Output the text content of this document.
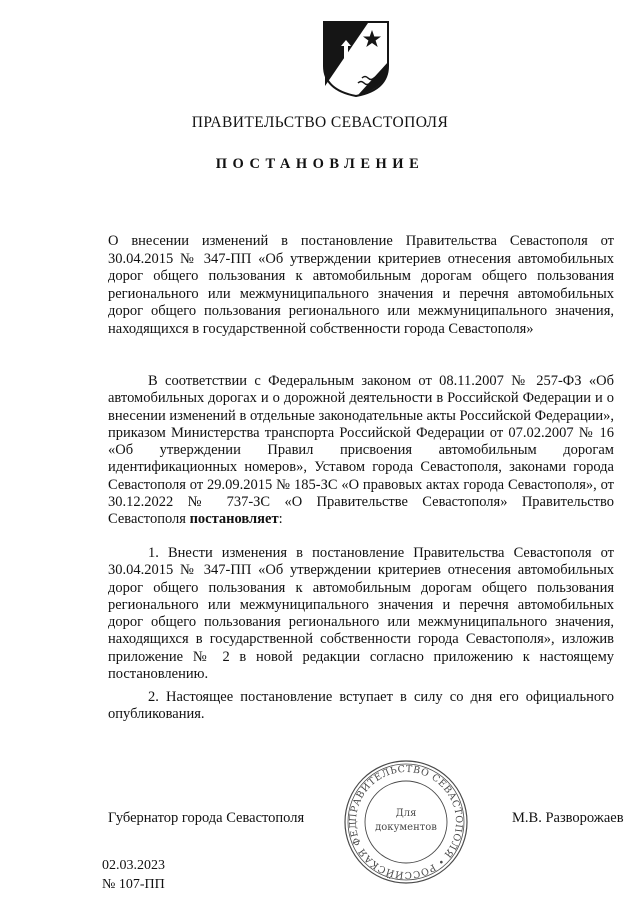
ПРАВИТЕЛЬСТВО СЕВАСТОПОЛЯ
ПОСТАНОВЛЕНИЕ
О внесении изменений в постановление Правительства Севастополя от 30.04.2015 № 347-ПП «Об утверждении критериев отнесения автомобильных дорог общего пользования к автомобильным дорогам общего пользования регионального или межмуниципального значения и перечня автомобильных дорог общего пользования регионального или межмуниципального значения, находящихся в государственной собственности города Севастополя»
В соответствии с Федеральным законом от 08.11.2007 № 257-ФЗ «Об автомобильных дорогах и о дорожной деятельности в Российской Федерации и о внесении изменений в отдельные законодательные акты Российской Федерации», приказом Министерства транспорта Российской Федерации от 07.02.2007 № 16 «Об утверждении Правил присвоения автомобильным дорогам идентификационных номеров», Уставом города Севастополя, законами города Севастополя от 29.09.2015 № 185-ЗС «О правовых актах города Севастополя», от 30.12.2022 № 737-ЗС «О Правительстве Севастополя» Правительство Севастополя постановляет:
1. Внести изменения в постановление Правительства Севастополя от 30.04.2015 № 347-ПП «Об утверждении критериев отнесения автомобильных дорог общего пользования к автомобильным дорогам общего пользования регионального или межмуниципального значения и перечня автомобильных дорог общего пользования регионального или межмуниципального значения, находящихся в государственной собственности города Севастополя», изложив приложение № 2 в новой редакции согласно приложению к настоящему постановлению.
2. Настоящее постановление вступает в силу со дня его официального опубликования.
ПРАВИТЕЛЬСТВО СЕВАСТОПОЛЯ • РОССИЙСКАЯ ФЕД
Для
документов
Губернатор города Севастополя	М.В. Разворожаев
02.03.2023
№ 107-ПП
